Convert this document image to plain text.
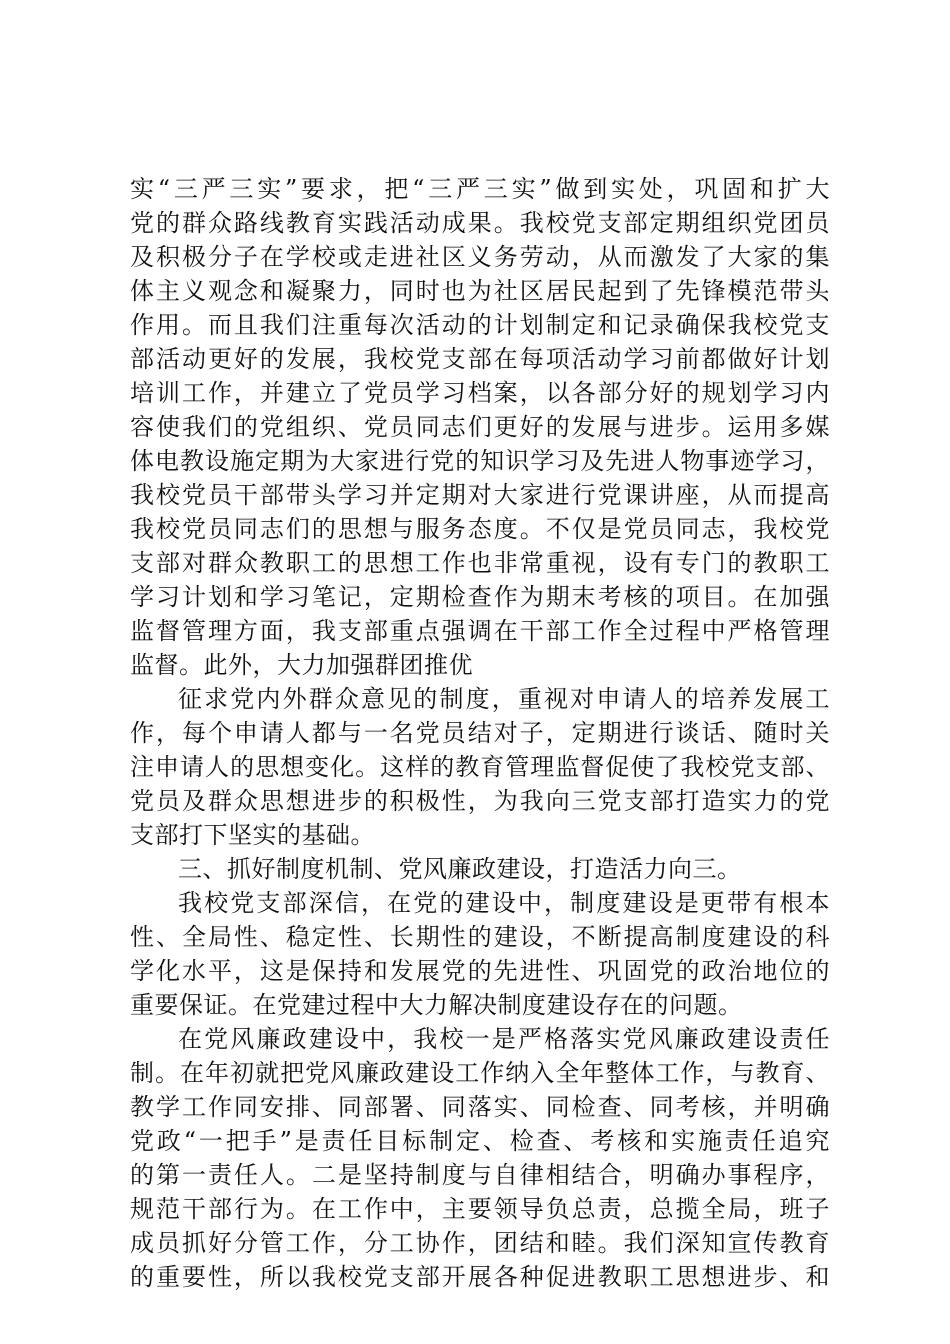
实“三严三实”要求，把“三严三实”做到实处，巩固和扩大
党的群众路线教育实践活动成果。我校党支部定期组织党团员
及积极分子在学校或走进社区义务劳动，从而激发了大家的集
体主义观念和凝聚力，同时也为社区居民起到了先锋模范带头
作用。而且我们注重每次活动的计划制定和记录确保我校党支
部活动更好的发展，我校党支部在每项活动学习前都做好计划
培训工作，并建立了党员学习档案，以各部分好的规划学习内
容使我们的党组织、党员同志们更好的发展与进步。运用多媒
体电教设施定期为大家进行党的知识学习及先进人物事迹学习，
我校党员干部带头学习并定期对大家进行党课讲座，从而提高
我校党员同志们的思想与服务态度。不仅是党员同志，我校党
支部对群众教职工的思想工作也非常重视，设有专门的教职工
学习计划和学习笔记，定期检查作为期末考核的项目。在加强
监督管理方面，我支部重点强调在干部工作全过程中严格管理
监督。此外，大力加强群团推优
征求党内外群众意见的制度，重视对申请人的培养发展工
作，每个申请人都与一名党员结对子，定期进行谈话、随时关
注申请人的思想变化。这样的教育管理监督促使了我校党支部、
党员及群众思想进步的积极性，为我向三党支部打造实力的党
支部打下坚实的基础。
三、抓好制度机制、党风廉政建设，打造活力向三。
我校党支部深信，在党的建设中，制度建设是更带有根本
性、全局性、稳定性、长期性的建设，不断提高制度建设的科
学化水平，这是保持和发展党的先进性、巩固党的政治地位的
重要保证。在党建过程中大力解决制度建设存在的问题。
在党风廉政建设中，我校一是严格落实党风廉政建设责任
制。在年初就把党风廉政建设工作纳入全年整体工作，与教育、
教学工作同安排、同部署、同落实、同检查、同考核，并明确
党政“一把手”是责任目标制定、检查、考核和实施责任追究
的第一责任人。二是坚持制度与自律相结合，明确办事程序，
规范干部行为。在工作中，主要领导负总责，总揽全局，班子
成员抓好分管工作，分工协作，团结和睦。我们深知宣传教育
的重要性，所以我校党支部开展各种促进教职工思想进步、和
